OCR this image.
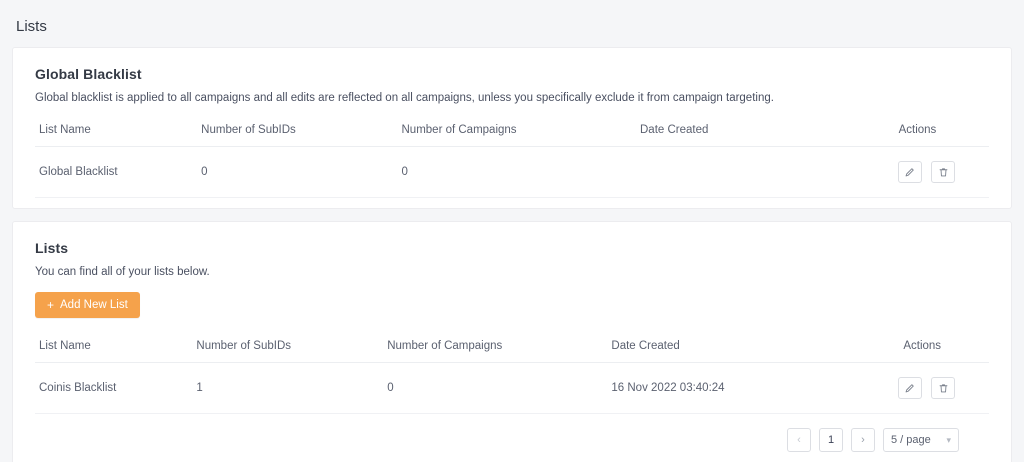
Lists
Global Blacklist
Global blacklist is applied to all campaigns and all edits are reflected on all campaigns, unless you specifically exclude it from campaign targeting.
List Name	Number of SubIDs	Number of Campaigns	Date Created	Actions
Global Blacklist	0	0		

Lists
You can find all of your lists below.
+ Add New List
List Name	Number of SubIDs	Number of Campaigns	Date Created	Actions
Coinis Blacklist	1	0	16 Nov 2022 03:40:24	

‹	1	›	5 / page ▾
